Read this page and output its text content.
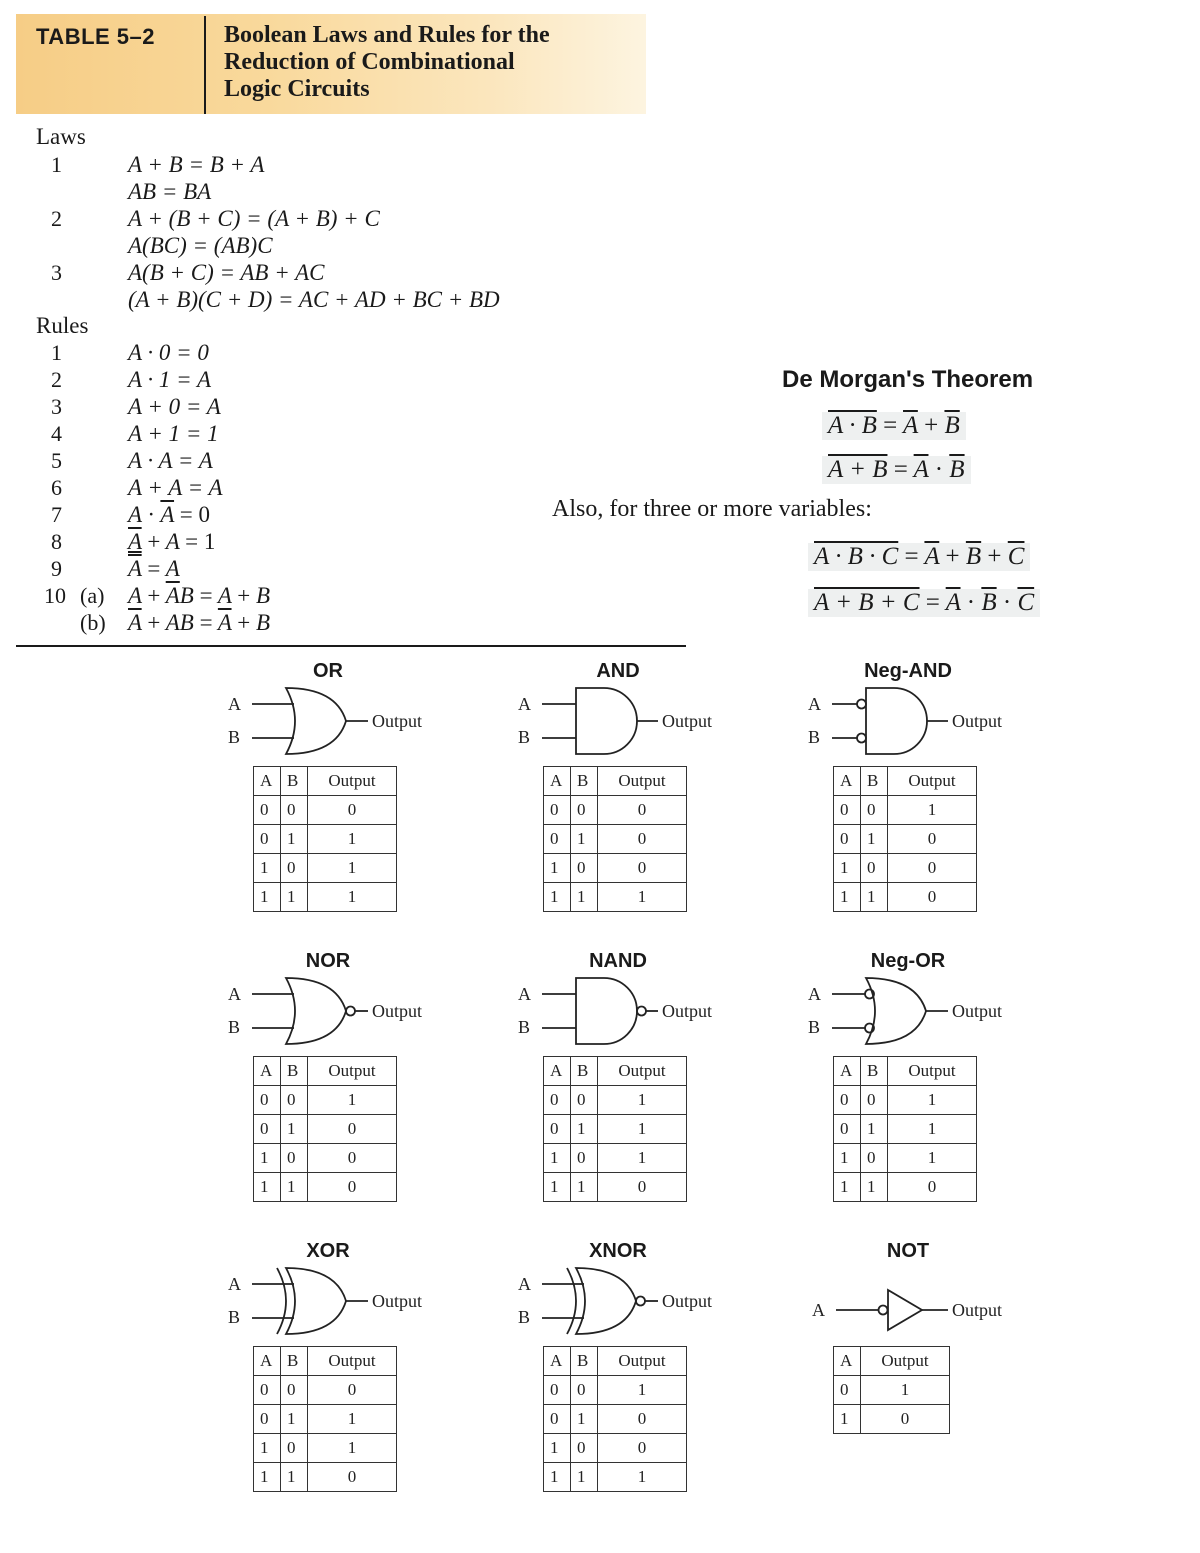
TABLE 5–2	Boolean Laws and Rules for the
Reduction of Combinational
Logic Circuits
Laws
1	A + B = B + A
AB = BA
2	A + (B + C) = (A + B) + C
A(BC) = (AB)C
3	A(B + C) = AB + AC
(A + B)(C + D) = AC + AD + BC + BD
Rules
1	A · 0 = 0
2	A · 1 = A
3	A + 0 = A
4	A + 1 = 1
5	A · A = A
6	A + A = A
7	$A \cdot \overline{A} = 0$
8	$\overline{A} + A = 1$
9	A = A
10 (a) $A + \overline{A}B = A + B$
(b) $\overline{A}$ + AB = $\overline{A} + B$
De Morgan's Theorem
$A \cdot B = \overline{A} + \overline{B}$
$A + B = \overline{A} \cdot \overline{B}$
Also, for three or more variables:
$A \cdot B \cdot C = \overline{A} + \overline{B} + \overline{C}$
$A + B + C = \overline{A} \cdot \overline{B} \cdot \overline{C}$
OR
A
B
Output
A	B	Output
0	0	0
0	1	1
1	0	1
1	1	1
AND
A
B
Output
A	B	Output
0	0	0
0	1	0
1	0	0
1	1	1
Neg-AND
A
B
Output
A	B	Output
0	0	1
0	1	0
1	0	0
1	1	0
NOR
A
B
Output
A	B	Output
0	0	1
0	1	0
1	0	0
1	1	0
NAND
A
B
Output
A	B	Output
0	0	1
0	1	1
1	0	1
1	1	0
Neg-OR
A
B
Output
A	B	Output
0	0	1
0	1	1
1	0	1
1	1	0
XOR
A
B
Output
A	B	Output
0	0	0
0	1	1
1	0	1
1	1	0
XNOR
A
B
Output
A	B	Output
0	0	1
0	1	0
1	0	0
1	1	1
NOT
A	Output
A	Output
0	1
1	0
